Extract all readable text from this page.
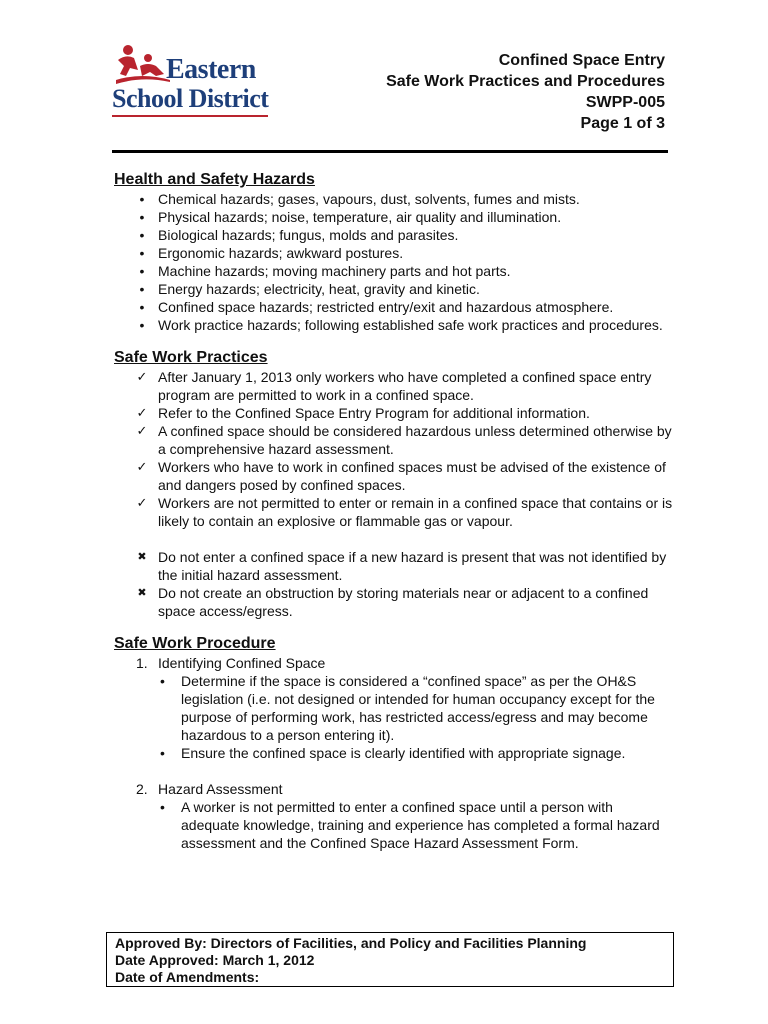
Eastern
School District
Confined Space Entry
Safe Work Practices and Procedures
SWPP-005
Page 1 of 3
Health and Safety Hazards
• Chemical hazards; gases, vapours, dust, solvents, fumes and mists.
• Physical hazards; noise, temperature, air quality and illumination.
• Biological hazards; fungus, molds and parasites.
• Ergonomic hazards; awkward postures.
• Machine hazards; moving machinery parts and hot parts.
• Energy hazards; electricity, heat, gravity and kinetic.
• Confined space hazards; restricted entry/exit and hazardous atmosphere.
• Work practice hazards; following established safe work practices and procedures.
Safe Work Practices
✓ After January 1, 2013 only workers who have completed a confined space entry program are permitted to work in a confined space.
✓ Refer to the Confined Space Entry Program for additional information.
✓ A confined space should be considered hazardous unless determined otherwise by a comprehensive hazard assessment.
✓ Workers who have to work in confined spaces must be advised of the existence of and dangers posed by confined spaces.
✓ Workers are not permitted to enter or remain in a confined space that contains or is likely to contain an explosive or flammable gas or vapour.
✖ Do not enter a confined space if a new hazard is present that was not identified by the initial hazard assessment.
✖ Do not create an obstruction by storing materials near or adjacent to a confined space access/egress.
Safe Work Procedure
1. Identifying Confined Space
• Determine if the space is considered a “confined space” as per the OH&S legislation (i.e. not designed or intended for human occupancy except for the purpose of performing work, has restricted access/egress and may become hazardous to a person entering it).
• Ensure the confined space is clearly identified with appropriate signage.
2. Hazard Assessment
• A worker is not permitted to enter a confined space until a person with adequate knowledge, training and experience has completed a formal hazard assessment and the Confined Space Hazard Assessment Form.
Approved By: Directors of Facilities, and Policy and Facilities Planning
Date Approved: March 1, 2012
Date of Amendments:
